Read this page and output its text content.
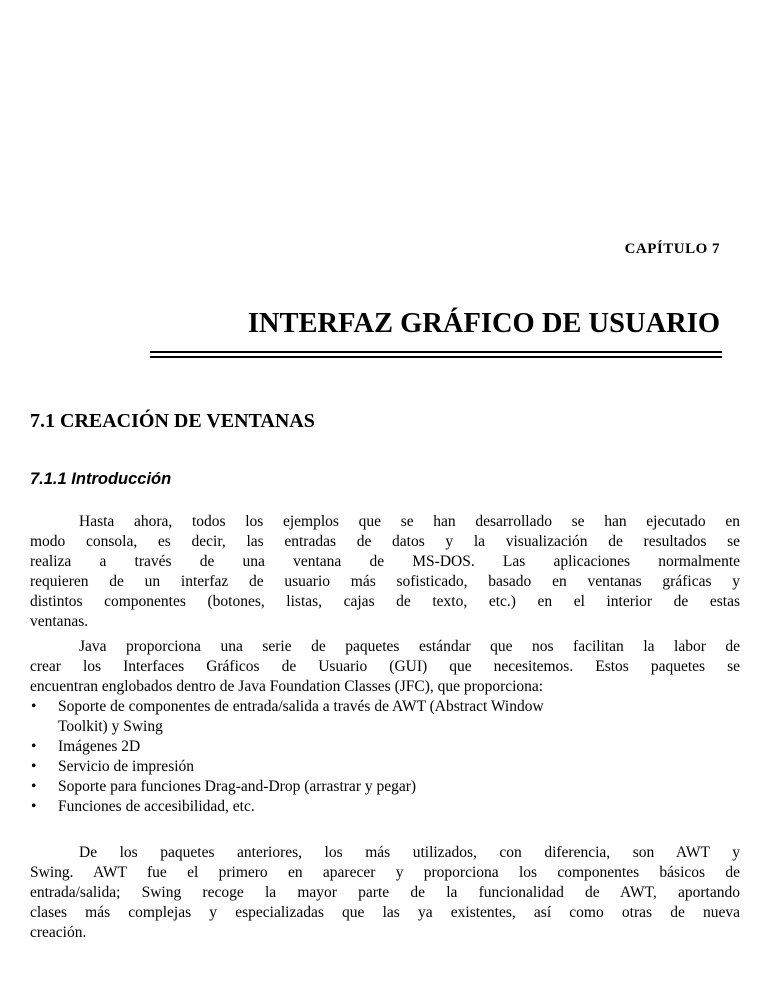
CAPÍTULO 7
INTERFAZ GRÁFICO DE USUARIO
7.1 CREACIÓN DE VENTANAS
7.1.1 Introducción
Hasta ahora, todos los ejemplos que se han desarrollado se han ejecutado en
modo consola, es decir, las entradas de datos y la visualización de resultados se
realiza a través de una ventana de MS-DOS. Las aplicaciones normalmente
requieren de un interfaz de usuario más sofisticado, basado en ventanas gráficas y
distintos componentes (botones, listas, cajas de texto, etc.) en el interior de estas
ventanas.
Java proporciona una serie de paquetes estándar que nos facilitan la labor de
crear los Interfaces Gráficos de Usuario (GUI) que necesitemos. Estos paquetes se
encuentran englobados dentro de Java Foundation Classes (JFC), que proporciona:
• Soporte de componentes de entrada/salida a través de AWT (Abstract Window
Toolkit) y Swing
• Imágenes 2D
• Servicio de impresión
• Soporte para funciones Drag-and-Drop (arrastrar y pegar)
• Funciones de accesibilidad, etc.
De los paquetes anteriores, los más utilizados, con diferencia, son AWT y
Swing. AWT fue el primero en aparecer y proporciona los componentes básicos de
entrada/salida; Swing recoge la mayor parte de la funcionalidad de AWT, aportando
clases más complejas y especializadas que las ya existentes, así como otras de nueva
creación.
